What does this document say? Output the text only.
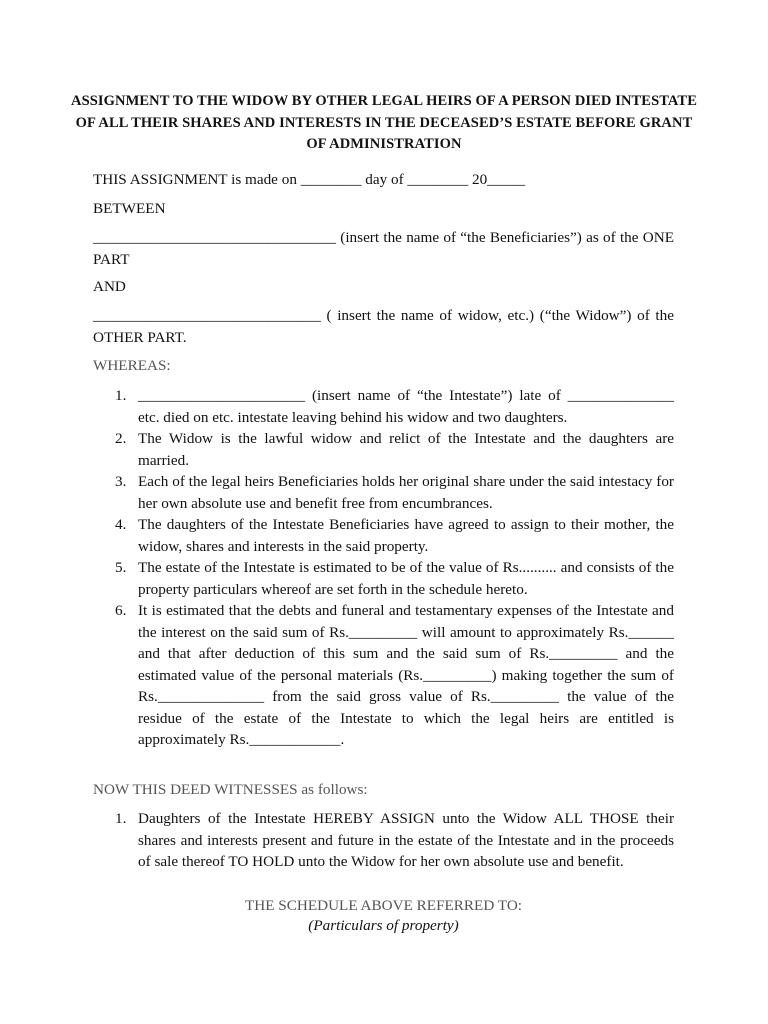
ASSIGNMENT TO THE WIDOW BY OTHER LEGAL HEIRS OF A PERSON DIED INTESTATE OF ALL THEIR SHARES AND INTERESTS IN THE DECEASED’S ESTATE BEFORE GRANT OF ADMINISTRATION
THIS ASSIGNMENT is made on ________ day of ________ 20_____
BETWEEN
________________________________ (insert the name of “the Beneficiaries”) as of the ONE PART
AND
______________________________ ( insert the name of widow, etc.) (“the Widow”) of the OTHER PART.
WHEREAS:
1. ______________________ (insert name of “the Intestate”) late of ______________ etc. died on etc. intestate leaving behind his widow and two daughters.
2. The Widow is the lawful widow and relict of the Intestate and the daughters are married.
3. Each of the legal heirs Beneficiaries holds her original share under the said intestacy for her own absolute use and benefit free from encumbrances.
4. The daughters of the Intestate Beneficiaries have agreed to assign to their mother, the widow, shares and interests in the said property.
5. The estate of the Intestate is estimated to be of the value of Rs.......... and consists of the property particulars whereof are set forth in the schedule hereto.
6. It is estimated that the debts and funeral and testamentary expenses of the Intestate and the interest on the said sum of Rs._________ will amount to approximately Rs.______ and that after deduction of this sum and the said sum of Rs._________ and the estimated value of the personal materials (Rs._________) making together the sum of Rs.______________ from the said gross value of Rs._________ the value of the residue of the estate of the Intestate to which the legal heirs are entitled is approximately Rs.____________.
NOW THIS DEED WITNESSES as follows:
1. Daughters of the Intestate HEREBY ASSIGN unto the Widow ALL THOSE their shares and interests present and future in the estate of the Intestate and in the proceeds of sale thereof TO HOLD unto the Widow for her own absolute use and benefit.
THE SCHEDULE ABOVE REFERRED TO:
(Particulars of property)
